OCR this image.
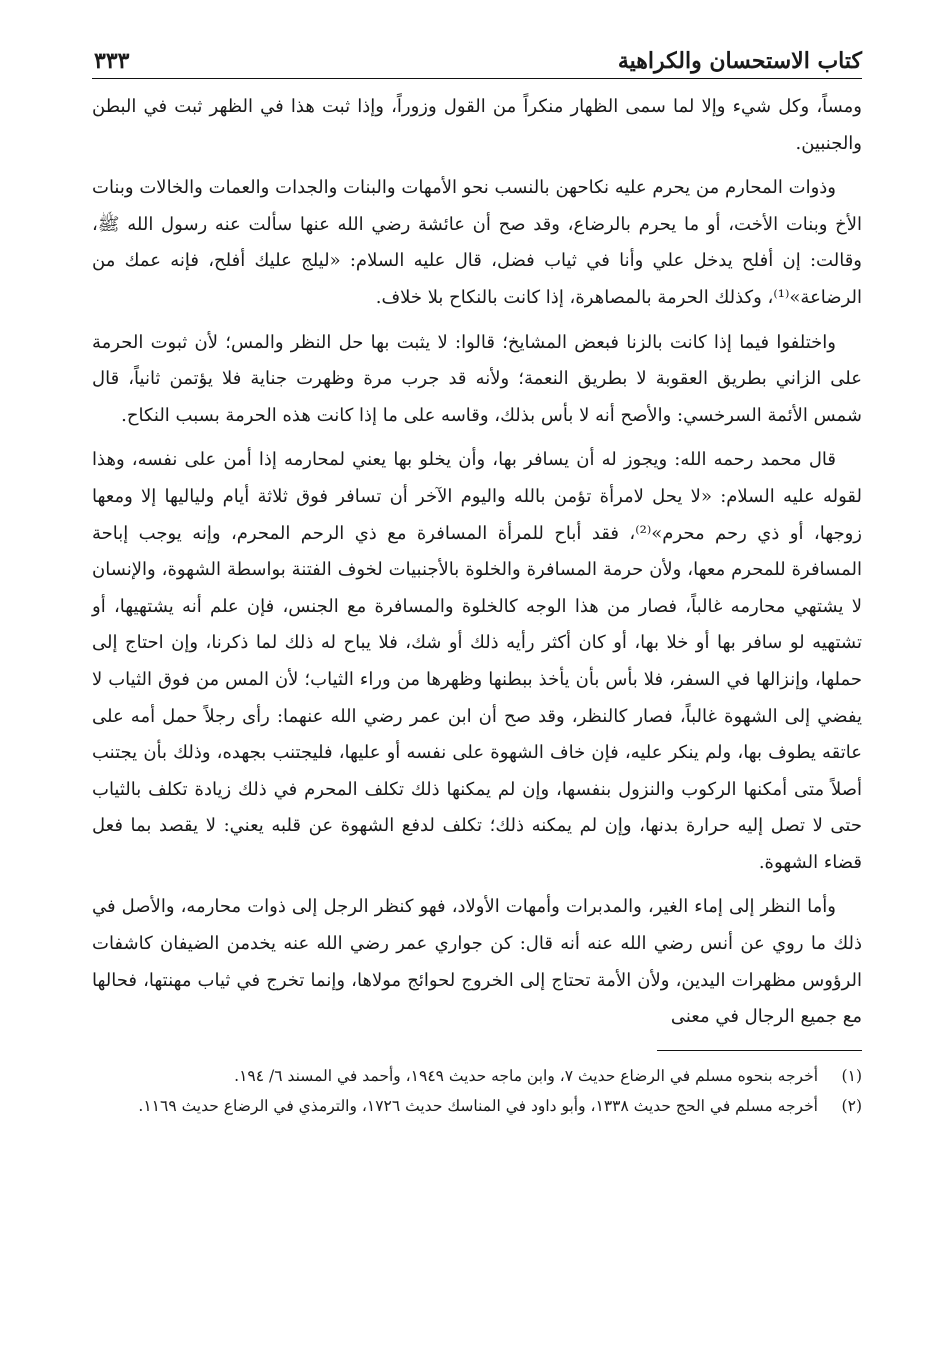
كتاب الاستحسان والكراهية
٣٣٣

ومساً، وكل شيء وإلا لما سمى الظهار منكراً من القول وزوراً، وإذا ثبت هذا في الظهر ثبت في البطن والجنبين.

وذوات المحارم من يحرم عليه نكاحهن بالنسب نحو الأمهات والبنات والجدات والعمات والخالات وبنات الأخ وبنات الأخت، أو ما يحرم بالرضاع، وقد صح أن عائشة رضي الله عنها سألت عنه رسول الله ﷺ، وقالت: إن أفلح يدخل علي وأنا في ثياب فضل، قال عليه السلام: «ليلج عليك أفلح، فإنه عمك من الرضاعة»⁽¹⁾، وكذلك الحرمة بالمصاهرة، إذا كانت بالنكاح بلا خلاف.

واختلفوا فيما إذا كانت بالزنا فبعض المشايخ؛ قالوا: لا يثبت بها حل النظر والمس؛ لأن ثبوت الحرمة على الزاني بطريق العقوبة لا بطريق النعمة؛ ولأنه قد جرب مرة وظهرت جناية فلا يؤتمن ثانياً، قال شمس الأئمة السرخسي: والأصح أنه لا بأس بذلك، وقاسه على ما إذا كانت هذه الحرمة بسبب النكاح.

قال محمد رحمه الله: ويجوز له أن يسافر بها، وأن يخلو بها يعني لمحارمه إذا أمن على نفسه، وهذا لقوله عليه السلام: «لا يحل لامرأة تؤمن بالله واليوم الآخر أن تسافر فوق ثلاثة أيام ولياليها إلا ومعها زوجها، أو ذي رحم محرم»⁽²⁾، فقد أباح للمرأة المسافرة مع ذي الرحم المحرم، وإنه يوجب إباحة المسافرة للمحرم معها، ولأن حرمة المسافرة والخلوة بالأجنبيات لخوف الفتنة بواسطة الشهوة، والإنسان لا يشتهي محارمه غالباً، فصار من هذا الوجه كالخلوة والمسافرة مع الجنس، فإن علم أنه يشتهيها، أو تشتهيه لو سافر بها أو خلا بها، أو كان أكثر رأيه ذلك أو شك، فلا يباح له ذلك لما ذكرنا، وإن احتاج إلى حملها، وإنزالها في السفر، فلا بأس بأن يأخذ ببطنها وظهرها من وراء الثياب؛ لأن المس من فوق الثياب لا يفضي إلى الشهوة غالباً، فصار كالنظر، وقد صح أن ابن عمر رضي الله عنهما: رأى رجلاً حمل أمه على عاتقه يطوف بها، ولم ينكر عليه، فإن خاف الشهوة على نفسه أو عليها، فليجتنب بجهده، وذلك بأن يجتنب أصلاً متى أمكنها الركوب والنزول بنفسها، وإن لم يمكنها ذلك تكلف المحرم في ذلك زيادة تكلف بالثياب حتى لا تصل إليه حرارة بدنها، وإن لم يمكنه ذلك؛ تكلف لدفع الشهوة عن قلبه يعني: لا يقصد بما فعل قضاء الشهوة.

وأما النظر إلى إماء الغير، والمدبرات وأمهات الأولاد، فهو كنظر الرجل إلى ذوات محارمه، والأصل في ذلك ما روي عن أنس رضي الله عنه أنه قال: كن جواري عمر رضي الله عنه يخدمن الضيفان كاشفات الرؤوس مظهرات اليدين، ولأن الأمة تحتاج إلى الخروج لحوائج مولاها، وإنما تخرج في ثياب مهنتها، فحالها مع جميع الرجال في معنى

(١)
أخرجه بنحوه مسلم في الرضاع حديث ٧، وابن ماجه حديث ١٩٤٩، وأحمد في المسند ٦/ ١٩٤.
(٢)
أخرجه مسلم في الحج حديث ١٣٣٨، وأبو داود في المناسك حديث ١٧٢٦، والترمذي في الرضاع حديث ١١٦٩.
